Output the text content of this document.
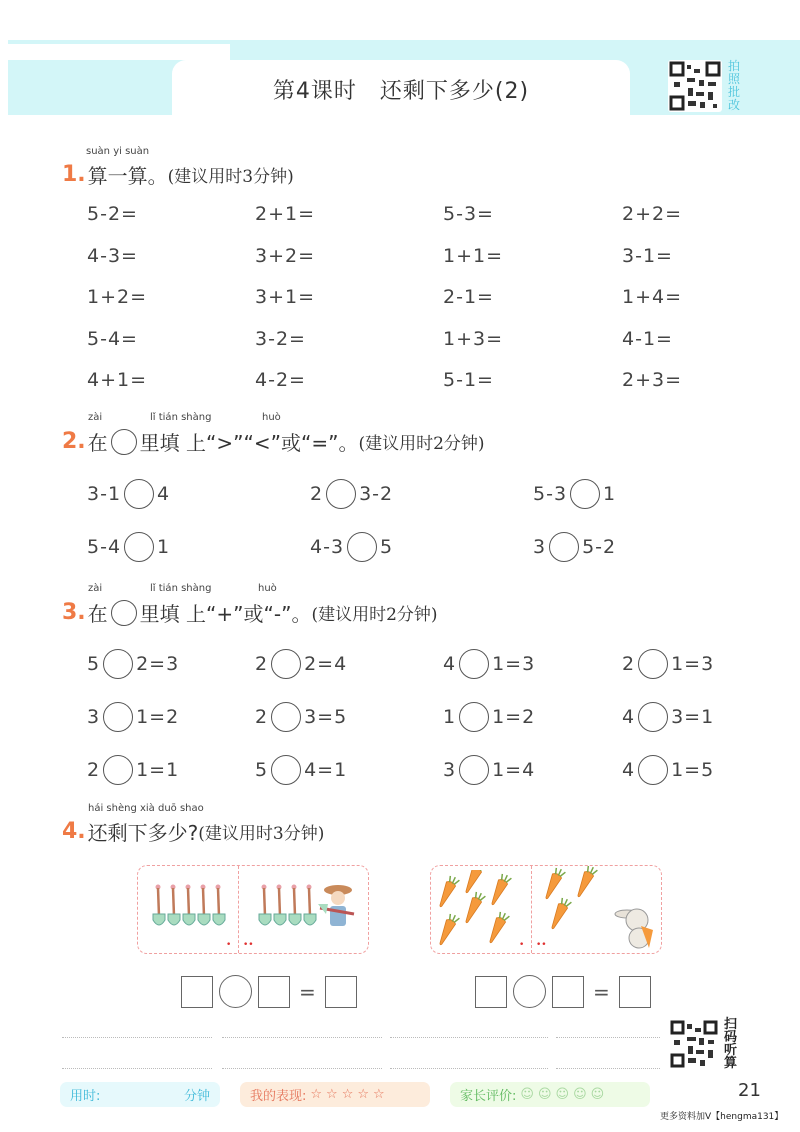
第4课时　还剩下多少(2)
拍照批改
suàn yi suàn
1. 算一算。 (建议用时3分钟)
5-2=	2+1=	5-3=	2+2=
4-3=	3+2=	1+1=	3-1=
1+2=	3+1=	2-1=	1+4=
5-4=	3-2=	1+3=	4-1=
4+1=	4-2=	5-1=	2+3=
zài	lǐ tián shàng	huò
2. 在 里填 上“>”“<”或“=”。 (建议用时2分钟)
3-1 4	2 3-2	5-3 1
5-4 1	4-3 5	3 5-2
zài	lǐ tián shàng	huò
3. 在 里填 上“+”或“-”。 (建议用时2分钟)
5 2=3	2 2=4	4 1=3	2 1=3
3 1=2	2 3=5	1 1=2	4 3=1
2 1=1	5 4=1	3 1=4	4 1=5
hái shèng xià duō shao
4. 还剩下多少? (建议用时3分钟)
• ••	• ••
=	=
用时:	分钟	我的表现: ☆☆☆☆☆	家长评价: ☺☺☺☺☺
扫码听算
21
更多资料加V【hengma131】
